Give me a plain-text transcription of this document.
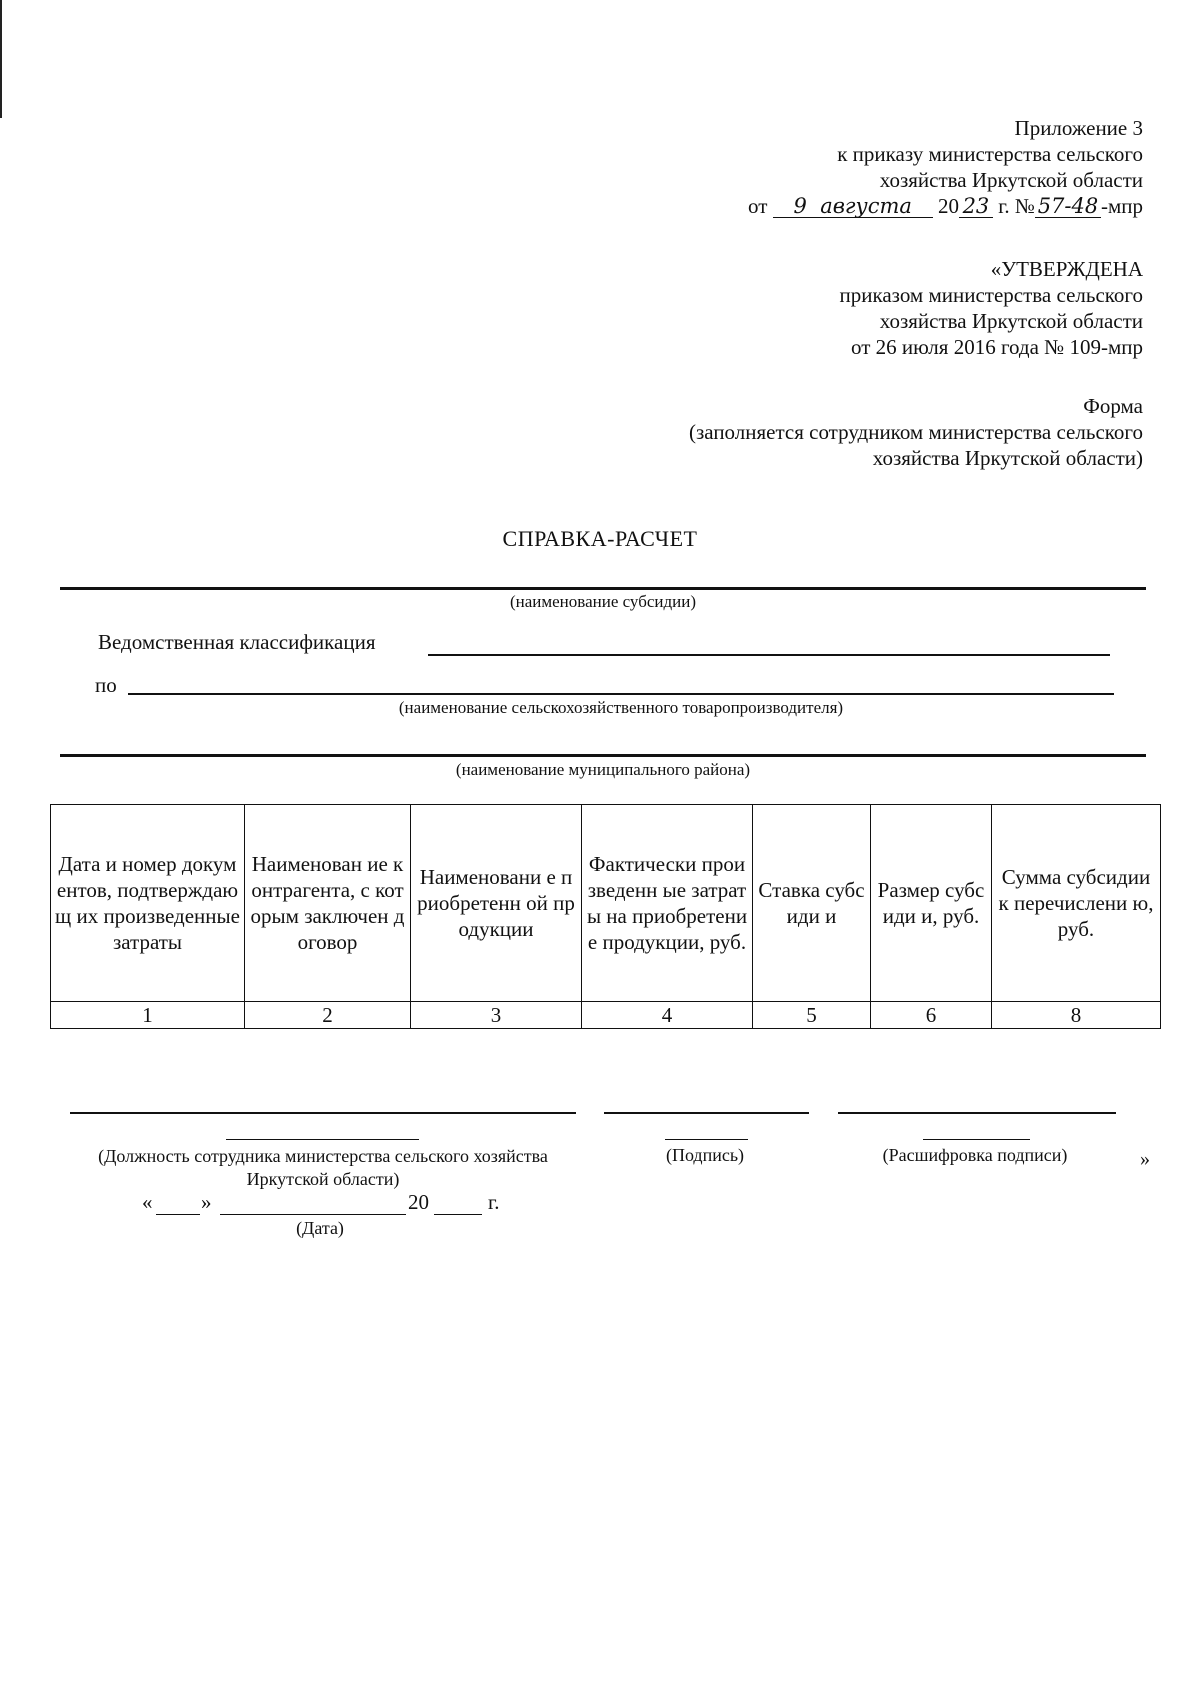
Приложение 3
к приказу министерства сельского
хозяйства Иркутской области
от 9 августа 20 23 г. № 57-48 -мпр
«УТВЕРЖДЕНА
приказом министерства сельского
хозяйства Иркутской области
от 26 июля 2016 года № 109-мпр
Форма
(заполняется сотрудником министерства сельского
хозяйства Иркутской области)
СПРАВКА-РАСЧЕТ
(наименование субсидии)
Ведомственная классификация
по
(наименование сельскохозяйственного товаропроизводителя)
(наименование муниципального района)
Дата и номер документов, подтверждающ их произведенные затраты	Наименован ие контрагента, с которым заключен договор	Наименовани е приобретенн ой продукции	Фактически произведенн ые затраты на приобретени е продукции, руб.	Ставка субсиди и	Размер субсиди и, руб.	Сумма субсидии к перечислени ю, руб.
1	2	3	4	5	6	8
(Должность сотрудника министерства сельского хозяйства Иркутской области)
(Подпись)	(Расшифровка подписи)	»
« »	20	г.
(Дата)
